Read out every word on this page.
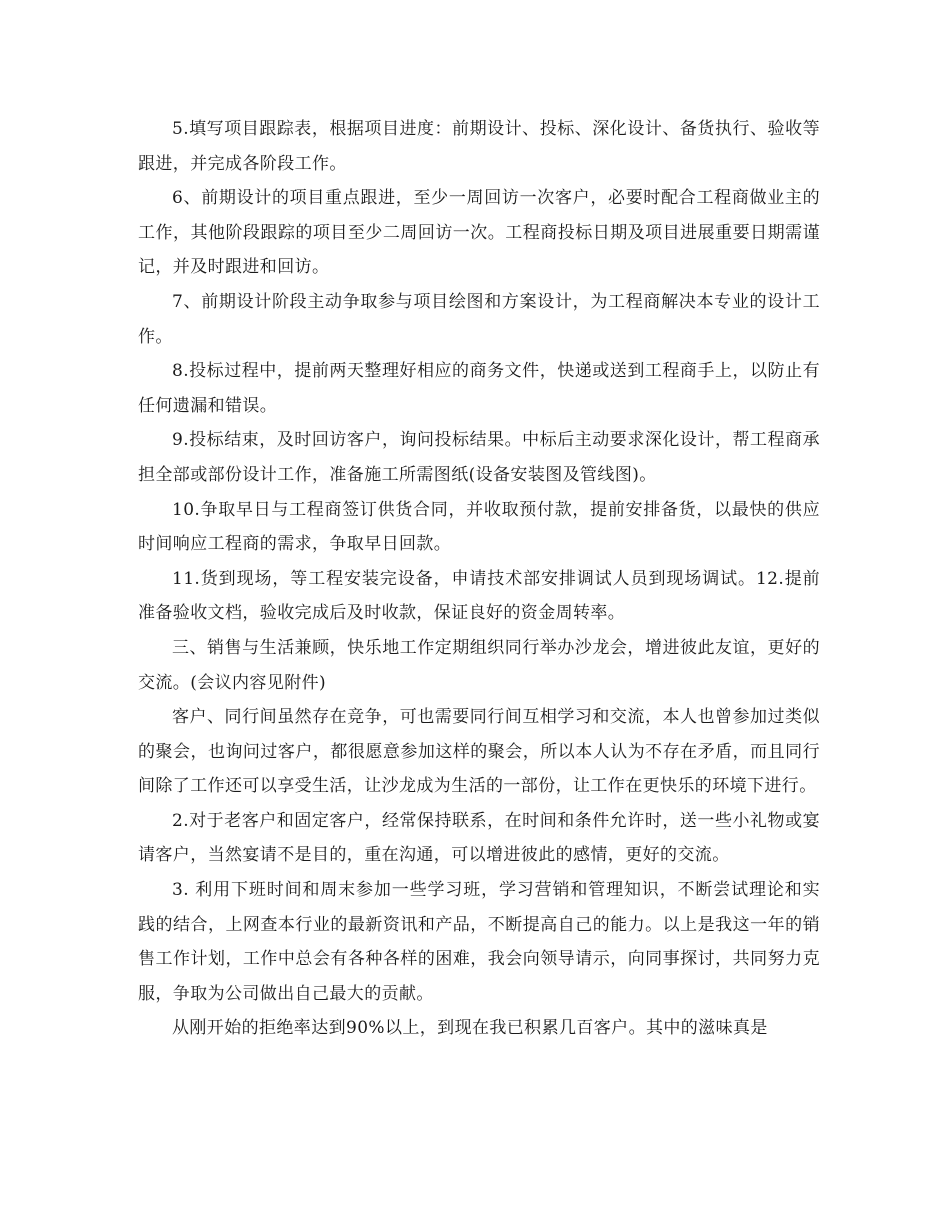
5.填写项目跟踪表，根据项目进度：前期设计、投标、深化设计、备货执行、验收等跟进，并完成各阶段工作。

6、前期设计的项目重点跟进，至少一周回访一次客户，必要时配合工程商做业主的工作，其他阶段跟踪的项目至少二周回访一次。工程商投标日期及项目进展重要日期需谨记，并及时跟进和回访。

7、前期设计阶段主动争取参与项目绘图和方案设计，为工程商解决本专业的设计工作。

8.投标过程中，提前两天整理好相应的商务文件，快递或送到工程商手上，以防止有任何遗漏和错误。

9.投标结束，及时回访客户，询问投标结果。中标后主动要求深化设计，帮工程商承担全部或部份设计工作，准备施工所需图纸(设备安装图及管线图)。

10.争取早日与工程商签订供货合同，并收取预付款，提前安排备货，以最快的供应时间响应工程商的需求，争取早日回款。

11.货到现场，等工程安装完设备，申请技术部安排调试人员到现场调试。12.提前准备验收文档，验收完成后及时收款，保证良好的资金周转率。

三、销售与生活兼顾，快乐地工作定期组织同行举办沙龙会，增进彼此友谊，更好的交流。(会议内容见附件)

客户、同行间虽然存在竞争，可也需要同行间互相学习和交流，本人也曾参加过类似的聚会，也询问过客户，都很愿意参加这样的聚会，所以本人认为不存在矛盾，而且同行间除了工作还可以享受生活，让沙龙成为生活的一部份，让工作在更快乐的环境下进行。

2.对于老客户和固定客户，经常保持联系，在时间和条件允许时，送一些小礼物或宴请客户，当然宴请不是目的，重在沟通，可以增进彼此的感情，更好的交流。

3. 利用下班时间和周末参加一些学习班，学习营销和管理知识，不断尝试理论和实践的结合，上网查本行业的最新资讯和产品，不断提高自己的能力。以上是我这一年的销售工作计划，工作中总会有各种各样的困难，我会向领导请示，向同事探讨，共同努力克服，争取为公司做出自己最大的贡献。

从刚开始的拒绝率达到90%以上，到现在我已积累几百客户。其中的滋味真是
